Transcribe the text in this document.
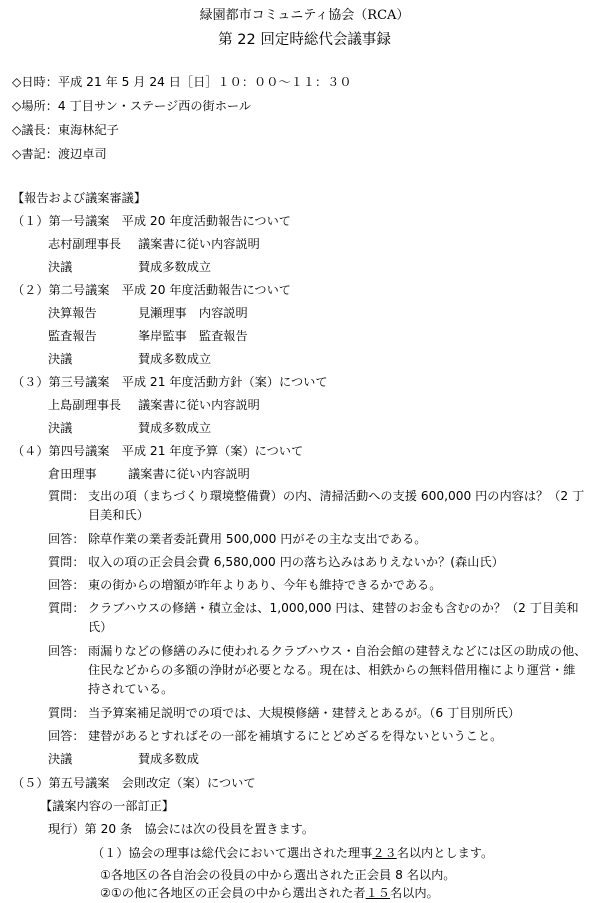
緑園都市コミュニティ協会（RCA）
第 22 回定時総代会議事録
◇日時：平成 21 年 5 月 24 日［日］１０：００～１１：３０
◇場所：4 丁目サン・ステージ西の街ホール
◇議長：東海林紀子
◇書記：渡辺卓司
【報告および議案審議】
（１）第一号議案　平成 20 年度活動報告について
志村副理事長 議案書に従い内容説明
決議	賛成多数成立
（２）第二号議案　平成 20 年度活動報告について
決算報告	見瀬理事　内容説明
監査報告	峯岸監事　監査報告
決議	賛成多数成立
（３）第三号議案　平成 21 年度活動方針（案）について
上島副理事長 議案書に従い内容説明
決議	賛成多数成立
（４）第四号議案　平成 21 年度予算（案）について
倉田理事	議案書に従い内容説明
質問： 支出の項（まちづくり環境整備費）の内、清掃活動への支援 600,000 円の内容は？（2 丁
目美和氏）
回答： 除草作業の業者委託費用 500,000 円がその主な支出である。
質問： 収入の項の正会員会費 6,580,000 円の落ち込みはありえないか？(森山氏）
回答： 東の街からの増額が昨年よりあり、今年も維持できるかである。
質問： クラブハウスの修繕・積立金は、1,000,000 円は、建替のお金も含むのか？（2 丁目美和
氏）
回答： 雨漏りなどの修繕のみに使われるクラブハウス・自治会館の建替えなどには区の助成の他、
住民などからの多額の浄財が必要となる。現在は、相鉄からの無料借用権により運営・維
持されている。
質問： 当予算案補足説明での項では、大規模修繕・建替えとあるが。（6 丁目別所氏）
回答： 建替があるとすればその一部を補填するにとどめざるを得ないということ。
決議	賛成多数成
（５）第五号議案　会則改定（案）について
【議案内容の一部訂正】
現行）第 20 条　協会には次の役員を置きます。
（１）協会の理事は総代会において選出された理事２３名以内とします。
①各地区の各自治会の役員の中から選出された正会員 8 名以内。
②①の他に各地区の正会員の中から選出された者１５名以内。
